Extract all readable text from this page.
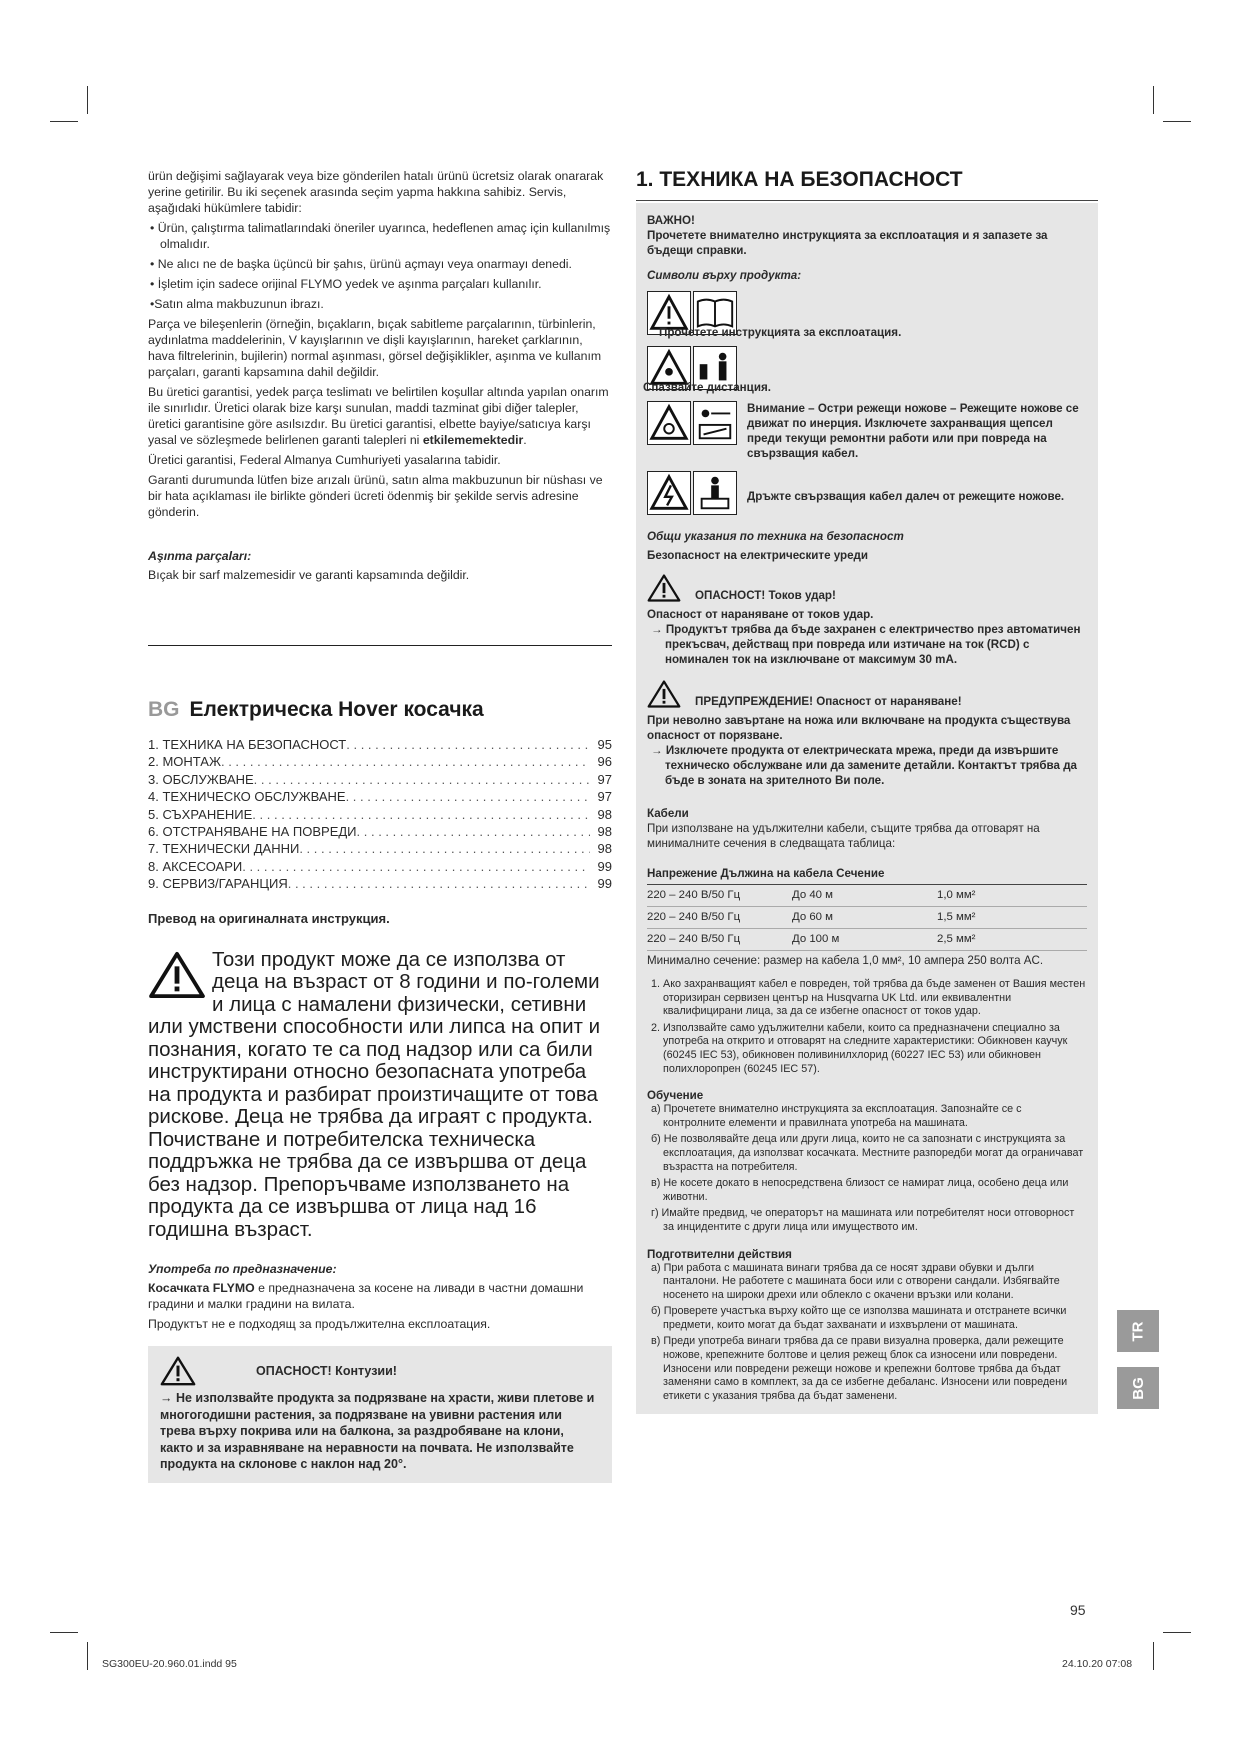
ürün değişimi sağlayarak veya bize gönderilen hatalı ürünü ücretsiz olarak onararak yerine getirilir. Bu iki seçenek arasında seçim yapma hakkına sahibiz. Servis, aşağıdaki hükümlere tabidir:

• Ürün, çalıştırma talimatlarındaki öneriler uyarınca, hedeflenen amaç için kullanılmış olmalıdır.
• Ne alıcı ne de başka üçüncü bir şahıs, ürünü açmayı veya onarmayı denedi.
• İşletim için sadece orijinal FLYMO yedek ve aşınma parçaları kullanılır.
•Satın alma makbuzunun ibrazı.

Parça ve bileşenlerin (örneğin, bıçakların, bıçak sabitleme parçalarının, türbinlerin, aydınlatma maddelerinin, V kayışlarının ve dişli kayışlarının, hareket çarklarının, hava filtrelerinin, bujilerin) normal aşınması, görsel değişiklikler, aşınma ve kullanım parçaları, garanti kapsamına dahil değildir.

Bu üretici garantisi, yedek parça teslimatı ve belirtilen koşullar altında yapılan onarım ile sınırlıdır. Üretici olarak bize karşı sunulan, maddi tazminat gibi diğer talepler, üretici garantisine göre asılsızdır. Bu üretici garantisi, elbette bayiye/satıcıya karşı yasal ve sözleşmede belirlenen garanti talepleri ni etkilememektedir.

Üretici garantisi, Federal Almanya Cumhuriyeti yasalarına tabidir.

Garanti durumunda lütfen bize arızalı ürünü, satın alma makbuzunun bir nüshası ve bir hata açıklaması ile birlikte gönderi ücreti ödenmiş bir şekilde servis adresine gönderin.

Aşınma parçaları:

Bıçak bir sarf malzemesidir ve garanti kapsamında değildir.

BG Електрическа Hover косачка
1. ТЕХНИКА НА БЕЗОПАСНОСТ . . .	95
2. МОНТАЖ . . .	96
3. ОБСЛУЖВАНЕ . . .	97
4. ТЕХНИЧЕСКО ОБСЛУЖВАНЕ . . .	97
5. СЪХРАНЕНИЕ . . .	98
6. ОТСТРАНЯВАНЕ НА ПОВРЕДИ . . .	98
7. ТЕХНИЧЕСКИ ДАННИ . . .	98
8. АКСЕСОАРИ . . .	99
9. СЕРВИЗ/ГАРАНЦИЯ . . .	99
Превод на оригиналната инструкция.
Този продукт може да се използва от деца на възраст от 8 години и по-големи и лица с намалени физически, сетивни или умствени способности или липса на опит и познания, когато те са под надзор или са били инструктирани относно безопасната употреба на продукта и разбират произтичащите от това рискове. Деца не трябва да играят с продукта. Почистване и потребителска техническа поддръжка не трябва да се извършва от деца без надзор. Препоръчваме използването на продукта да се извършва от лица над 16 годишна възраст.
Употреба по предназначение:

Косачката FLYMO е предназначена за косене на ливади в частни домашни градини и малки градини на вилата.

Продуктът не е подходящ за продължителна експлоатация.

ОПАСНОСТ! Контузии!
→ Не използвайте продукта за подрязване на храсти, живи плетове и многогодишни растения, за подрязване на увивни растения или трева върху покрива или на балкона, за раздробяване на клони, както и за изравняване на неравности на почвата. Не използвайте продукта на склонове с наклон над 20°.
1. ТЕХНИКА НА БЕЗОПАСНОСТ
ВАЖНО!
Прочетете внимателно инструкцията за експлоатация и я запазете за бъдещи справки.
Символи върху продукта:
Прочетете инструкцията за експлоатация.
Спазвайте дистанция.
Внимание – Остри режещи ножове – Режещите ножове се движат по инерция. Изключете захранващия щепсел преди текущи ремонтни работи или при повреда на свързващия кабел.
Дръжте свързващия кабел далеч от режещите ножове.
Общи указания по техника на безопасност
Безопасност на електрическите уреди
ОПАСНОСТ! Токов удар!
Опасност от нараняване от токов удар.
→ Продуктът трябва да бъде захранен с електричество през автоматичен прекъсвач, действащ при повреда или изтичане на ток (RCD) с номинален ток на изключване от максимум 30 mA.
ПРЕДУПРЕЖДЕНИЕ! Опасност от нараняване!
При неволно завъртане на ножа или включване на продукта съществува опасност от порязване.
→ Изключете продукта от електрическата мрежа, преди да извършите техническо обслужване или да замените детайли. Контактът трябва да бъде в зоната на зрителното Ви поле.
Кабели
При използване на удължителни кабели, същите трябва да отговарят на минималните сечения в следващата таблица:
Напрежение Дължина на кабела Сечение		
220 – 240 В/50 Гц	До 40 м	1,0 мм²
220 – 240 В/50 Гц	До 60 м	1,5 мм²
220 – 240 В/50 Гц	До 100 м	2,5 мм²
Минимално сечение: размер на кабела 1,0 мм², 10 ампера 250 волта AC.
1. Ако захранващият кабел е повреден, той трябва да бъде заменен от Вашия местен оторизиран сервизен център на Husqvarna UK Ltd. или еквивалентни квалифицирани лица, за да се избегне опасност от токов удар.
2. Използвайте само удължителни кабели, които са предназначени специално за употреба на открито и отговарят на следните характеристики: Обикновен каучук (60245 IEC 53), обикновен поливинилхлорид (60227 IEC 53) или обикновен полихлоропрен (60245 IEC 57).
Обучение
а) Прочетете внимателно инструкцията за експлоатация. Запознайте се с контролните елементи и правилната употреба на машината.
б) Не позволявайте деца или други лица, които не са запознати с инструкцията за експлоатация, да използват косачката. Местните разпоредби могат да ограничават възрастта на потребителя.
в) Не косете докато в непосредствена близост се намират лица, особено деца или животни.
г) Имайте предвид, че операторът на машината или потребителят носи отговорност за инцидентите с други лица или имуществото им.
Подготвителни действия
а) При работа с машината винаги трябва да се носят здрави обувки и дълги панталони. Не работете с машината боси или с отворени сандали. Избягвайте носенето на широки дрехи или облекло с окачени връзки или колани.
б) Проверете участъка върху който ще се използва машината и отстранете всички предмети, които могат да бъдат захванати и изхвърлени от машината.
в) Преди употреба винаги трябва да се прави визуална проверка, дали режещите ножове, крепежните болтове и целия режещ блок са износени или повредени. Износени или повредени режещи ножове и крепежни болтове трябва да бъдат заменяни само в комплект, за да се избегне дебаланс. Износени или повредени етикети с указания трябва да бъдат заменени.
TR
BG
95
SG300EU-20.960.01.indd 95	24.10.20 07:08
